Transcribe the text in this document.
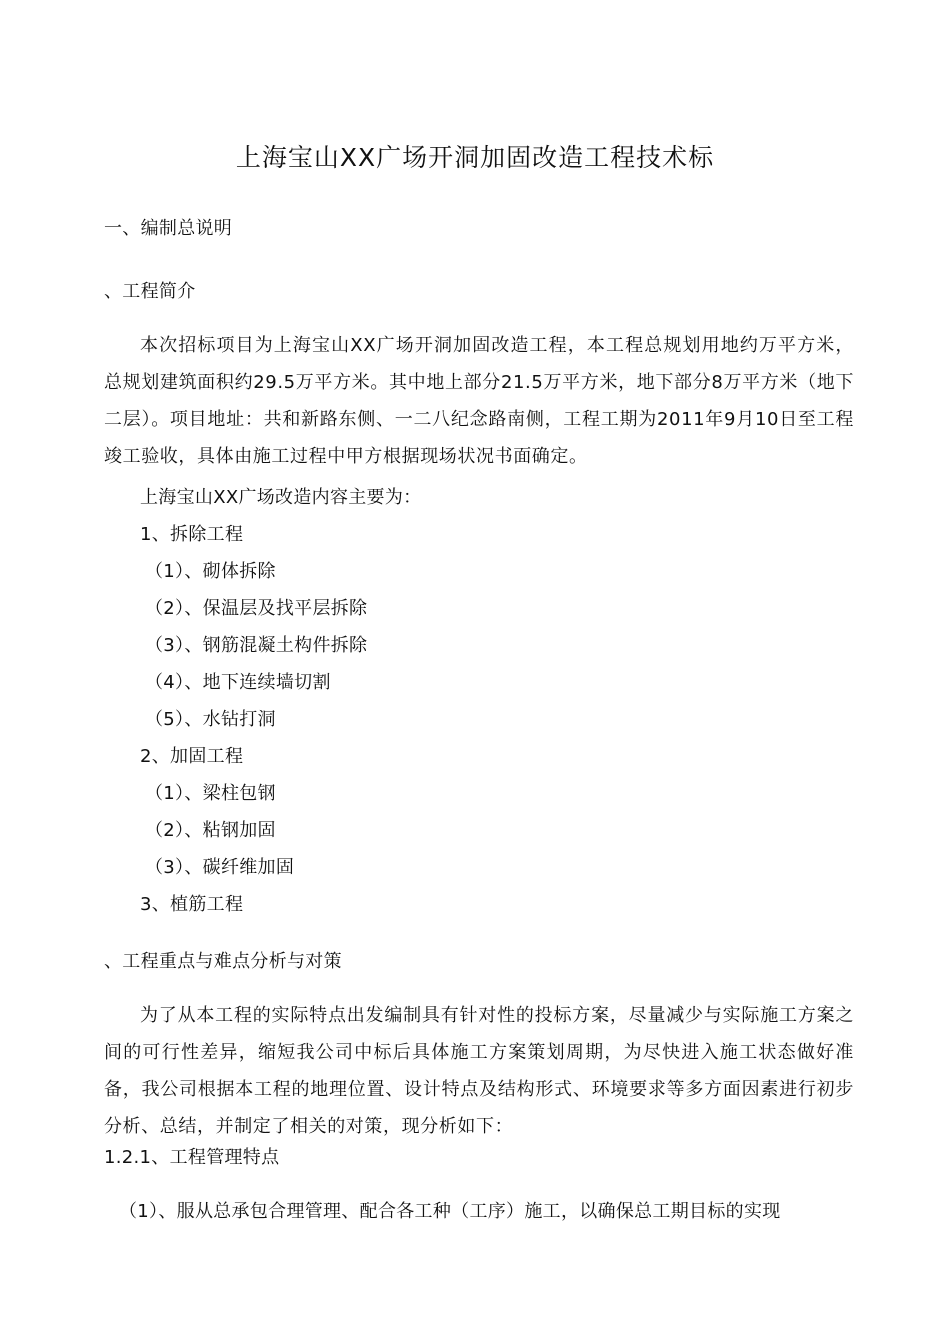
上海宝山XX广场开洞加固改造工程技术标
一、编制总说明
、工程简介
本次招标项目为上海宝山XX广场开洞加固改造工程，本工程总规划用地约万平方米，总规划建筑面积约29.5万平方米。其中地上部分21.5万平方米，地下部分8万平方米（地下二层）。项目地址：共和新路东侧、一二八纪念路南侧，工程工期为2011年9月10日至工程竣工验收，具体由施工过程中甲方根据现场状况书面确定。
上海宝山XX广场改造内容主要为：
1、拆除工程
（1）、砌体拆除
（2）、保温层及找平层拆除
（3）、钢筋混凝土构件拆除
（4）、地下连续墙切割
（5）、水钻打洞
2、加固工程
（1）、梁柱包钢
（2）、粘钢加固
（3）、碳纤维加固
3、植筋工程
、工程重点与难点分析与对策
为了从本工程的实际特点出发编制具有针对性的投标方案，尽量减少与实际施工方案之间的可行性差异，缩短我公司中标后具体施工方案策划周期，为尽快进入施工状态做好准备，我公司根据本工程的地理位置、设计特点及结构形式、环境要求等多方面因素进行初步分析、总结，并制定了相关的对策，现分析如下：
1.2.1、工程管理特点
（1）、服从总承包合理管理、配合各工种（工序）施工，以确保总工期目标的实现
